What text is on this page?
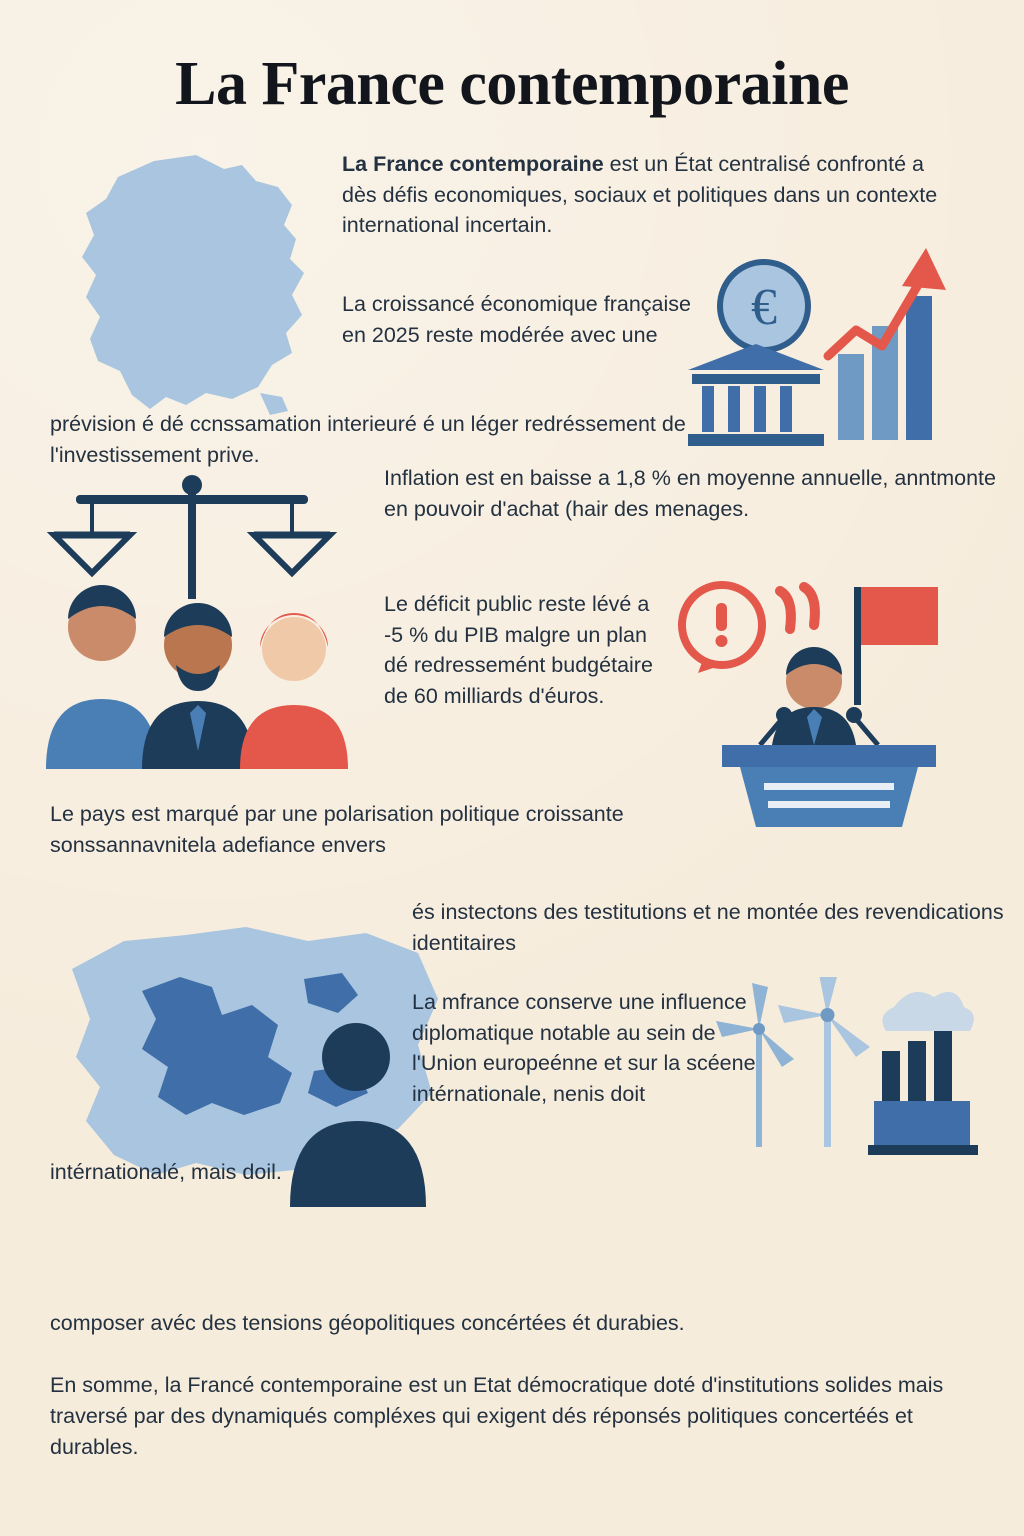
La France contemporaine
La France contemporaine est un État centralisé confronté a dès défis economiques, sociaux et politiques dans un contexte international incertain.
La croissancé économique française en 2025 reste modérée avec une	€
prévision é dé ccnssamation interieuré é un léger redréssement de l'investissement prive.
Inflation est en baisse a 1,8 % en moyenne annuelle, anntmonte en pouvoir d'achat (hair des menages.
Le déficit public reste lévé a -5 % du PIB malgre un plan dé redressemént budgétaire de 60 milliards d'éuros.
Le pays est marqué par une polarisation politique croissante sonssannavnitela adefiance envers
és instectons des testitutions et ne montée des revendications identitaires
La mfrance conserve une influence diplomatique notable au sein de l'Union europeénne et sur la scéene intérnationale, nenis doit
intérnationalé, mais doil.
composer avéc des tensions géopolitiques concértées ét durabies.
En somme, la Francé contemporaine est un Etat démocratique doté d'institutions solides mais traversé par des dynamiqués compléxes qui exigent dés réponsés politiques concertéés et durables.
